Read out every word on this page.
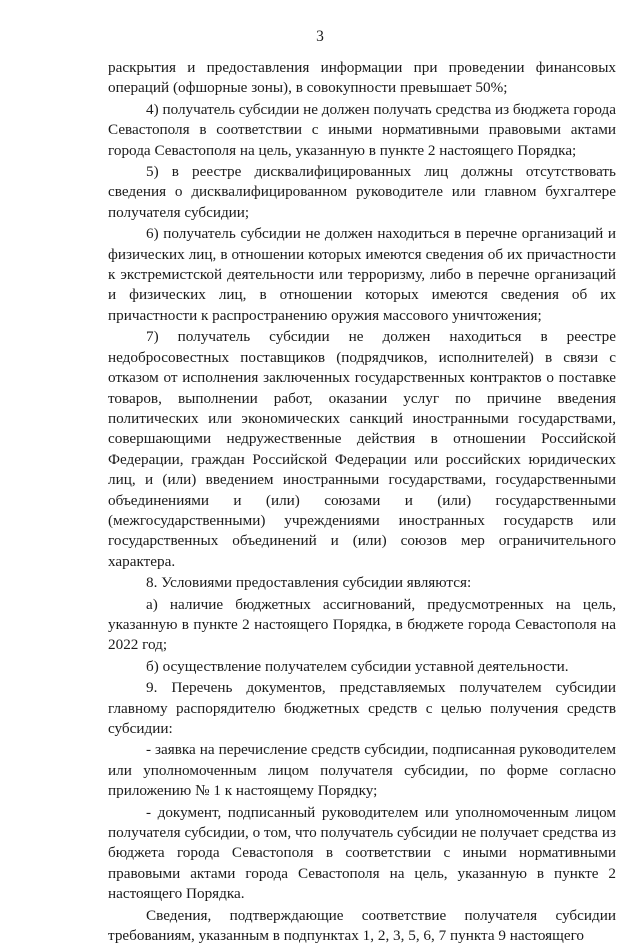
3

раскрытия и предоставления информации при проведении финансовых операций (офшорные зоны), в совокупности превышает 50%;

4) получатель субсидии не должен получать средства из бюджета города Севастополя в соответствии с иными нормативными правовыми актами города Севастополя на цель, указанную в пункте 2 настоящего Порядка;

5) в реестре дисквалифицированных лиц должны отсутствовать сведения о дисквалифицированном руководителе или главном бухгалтере получателя субсидии;

6) получатель субсидии не должен находиться в перечне организаций и физических лиц, в отношении которых имеются сведения об их причастности к экстремистской деятельности или терроризму, либо в перечне организаций и физических лиц, в отношении которых имеются сведения об их причастности к распространению оружия массового уничтожения;

7) получатель субсидии не должен находиться в реестре недобросовестных поставщиков (подрядчиков, исполнителей) в связи с отказом от исполнения заключенных государственных контрактов о поставке товаров, выполнении работ, оказании услуг по причине введения политических или экономических санкций иностранными государствами, совершающими недружественные действия в отношении Российской Федерации, граждан Российской Федерации или российских юридических лиц, и (или) введением иностранными государствами, государственными объединениями и (или) союзами и (или) государственными (межгосударственными) учреждениями иностранных государств или государственных объединений и (или) союзов мер ограничительного характера.

8. Условиями предоставления субсидии являются:

а) наличие бюджетных ассигнований, предусмотренных на цель, указанную в пункте 2 настоящего Порядка, в бюджете города Севастополя на 2022 год;

б) осуществление получателем субсидии уставной деятельности.

9. Перечень документов, представляемых получателем субсидии главному распорядителю бюджетных средств с целью получения средств субсидии:

- заявка на перечисление средств субсидии, подписанная руководителем или уполномоченным лицом получателя субсидии, по форме согласно приложению № 1 к настоящему Порядку;

- документ, подписанный руководителем или уполномоченным лицом получателя субсидии, о том, что получатель субсидии не получает средства из бюджета города Севастополя в соответствии с иными нормативными правовыми актами города Севастополя на цель, указанную в пункте 2 настоящего Порядка.

Сведения, подтверждающие соответствие получателя субсидии требованиям, указанным в подпунктах 1, 2, 3, 5, 6, 7 пункта 9 настоящего
